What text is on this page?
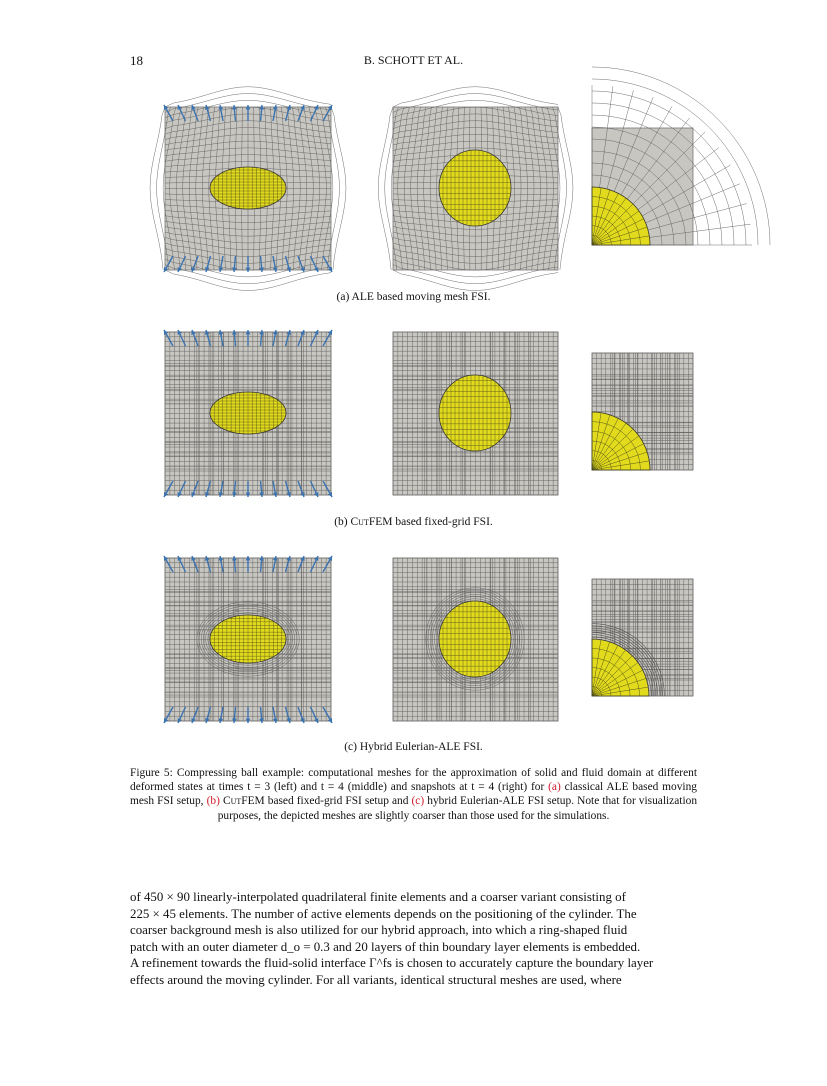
18	B. SCHOTT ET AL.
(a) ALE based moving mesh FSI.
(b) CutFEM based fixed-grid FSI.
(c) Hybrid Eulerian-ALE FSI.
Figure 5: Compressing ball example: computational meshes for the approximation of solid and fluid domain at different deformed states at times t = 3 (left) and t = 4 (middle) and snapshots at t = 4 (right) for (a) classical ALE based moving mesh FSI setup, (b) CutFEM based fixed-grid FSI setup and (c) hybrid Eulerian-ALE FSI setup. Note that for visualization purposes, the depicted meshes are slightly coarser than those used for the simulations.
of 450 × 90 linearly-interpolated quadrilateral finite elements and a coarser variant consisting of
225 × 45 elements. The number of active elements depends on the positioning of the cylinder. The
coarser background mesh is also utilized for our hybrid approach, into which a ring-shaped fluid
patch with an outer diameter d_o = 0.3 and 20 layers of thin boundary layer elements is embedded.
A refinement towards the fluid-solid interface Γ^fs is chosen to accurately capture the boundary layer
effects around the moving cylinder. For all variants, identical structural meshes are used, where
